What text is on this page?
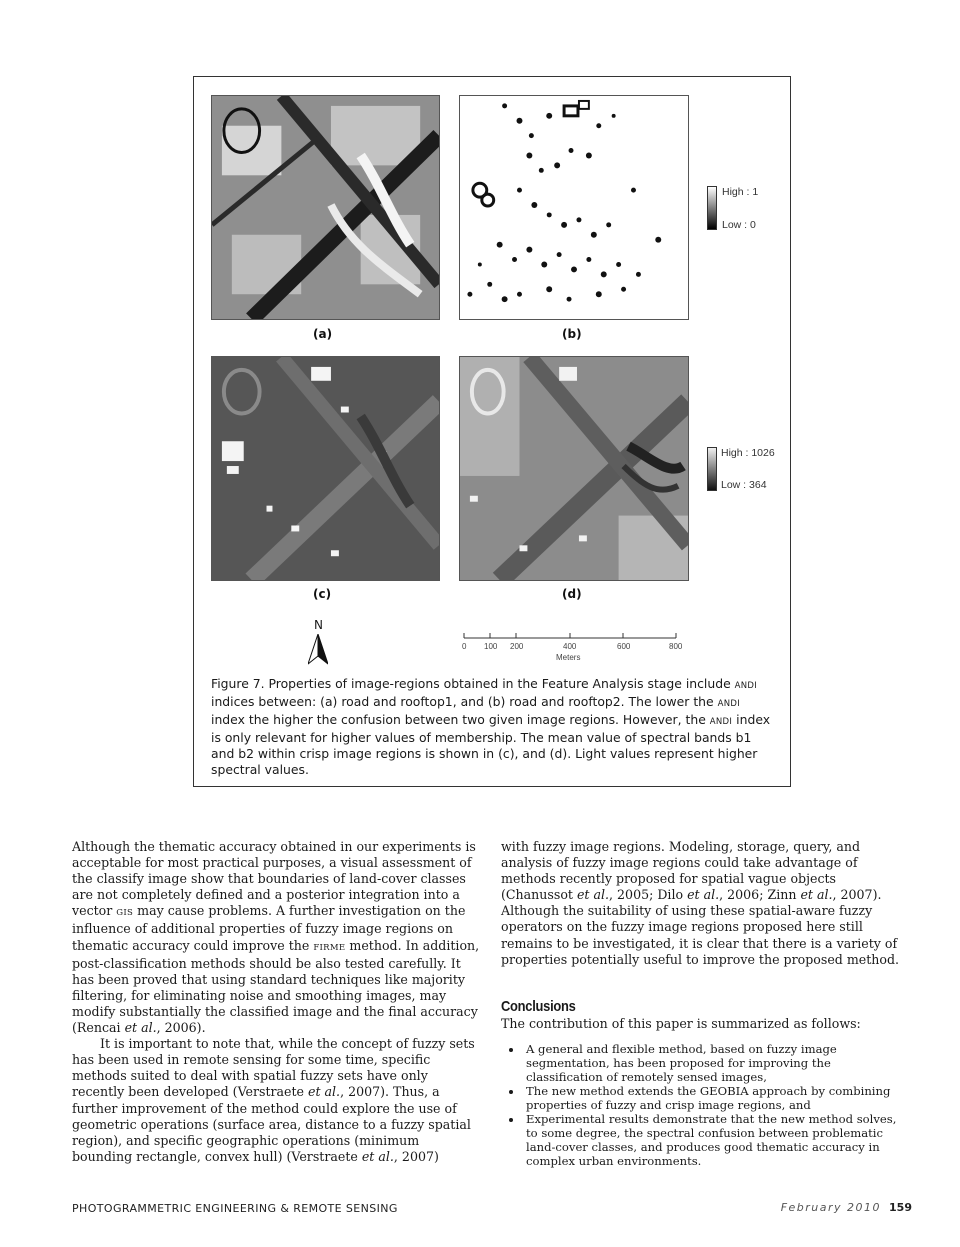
(a)	(b)
High : 1
Low : 0
(c)	(d)
High : 1026
Low : 364
N
0 100 200	400	600	800
Meters
Figure 7. Properties of image-regions obtained in the Feature Analysis stage include ANDI indices between: (a) road and rooftop1, and (b) road and rooftop2. The lower the ANDI index the higher the confusion between two given image regions. However, the ANDI index is only relevant for higher values of membership. The mean value of spectral bands b1 and b2 within crisp image regions is shown in (c), and (d). Light values represent higher spectral values.

Although the thematic accuracy obtained in our experiments is acceptable for most practical purposes, a visual assessment of the classify image show that boundaries of land-cover classes are not completely defined and a posterior integration into a vector GIS may cause problems. A further investigation on the influence of additional properties of fuzzy image regions on thematic accuracy could improve the FIRME method. In addition, post-classification methods should be also tested carefully. It has been proved that using standard techniques like majority filtering, for eliminating noise and smoothing images, may modify substantially the classified image and the final accuracy (Rencai et al., 2006).

It is important to note that, while the concept of fuzzy sets has been used in remote sensing for some time, specific methods suited to deal with spatial fuzzy sets have only recently been developed (Verstraete et al., 2007). Thus, a further improvement of the method could explore the use of geometric operations (surface area, distance to a fuzzy spatial region), and specific geographic operations (minimum bounding rectangle, convex hull) (Verstraete et al., 2007)

with fuzzy image regions. Modeling, storage, query, and analysis of fuzzy image regions could take advantage of methods recently proposed for spatial vague objects (Chanussot et al., 2005; Dilo et al., 2006; Zinn et al., 2007). Although the suitability of using these spatial-aware fuzzy operators on the fuzzy image regions proposed here still remains to be investigated, it is clear that there is a variety of properties potentially useful to improve the proposed method.

Conclusions

The contribution of this paper is summarized as follows:

• A general and flexible method, based on fuzzy image segmentation, has been proposed for improving the classification of remotely sensed images,
• The new method extends the GEOBIA approach by combining properties of fuzzy and crisp image regions, and
• Experimental results demonstrate that the new method solves, to some degree, the spectral confusion between problematic land-cover classes, and produces good thematic accuracy in complex urban environments.
PHOTOGRAMMETRIC ENGINEERING & REMOTE SENSING	February 2010 159
